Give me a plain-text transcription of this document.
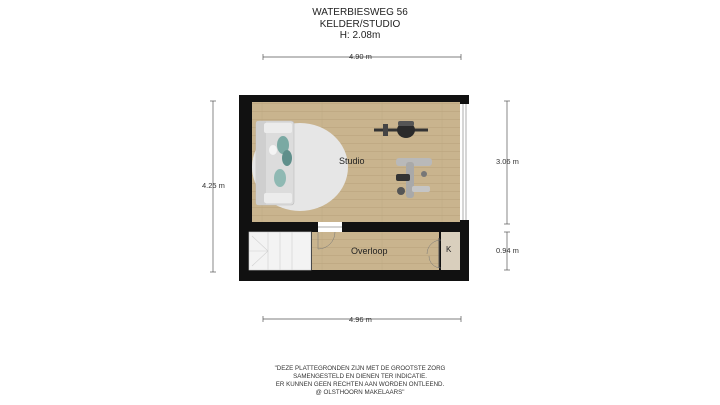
WATERBIESWEG 56
KELDER/STUDIO
H: 2.08m
Studio
Overloop	K
4.90 m
4.96 m
4.25 m
3.06 m
0.94 m
"DEZE PLATTEGRONDEN ZIJN MET DE GROOTSTE ZORG
SAMENGESTELD EN DIENEN TER INDICATIE.
ER KUNNEN GEEN RECHTEN AAN WORDEN ONTLEEND.
@ OLSTHOORN MAKELAARS"
